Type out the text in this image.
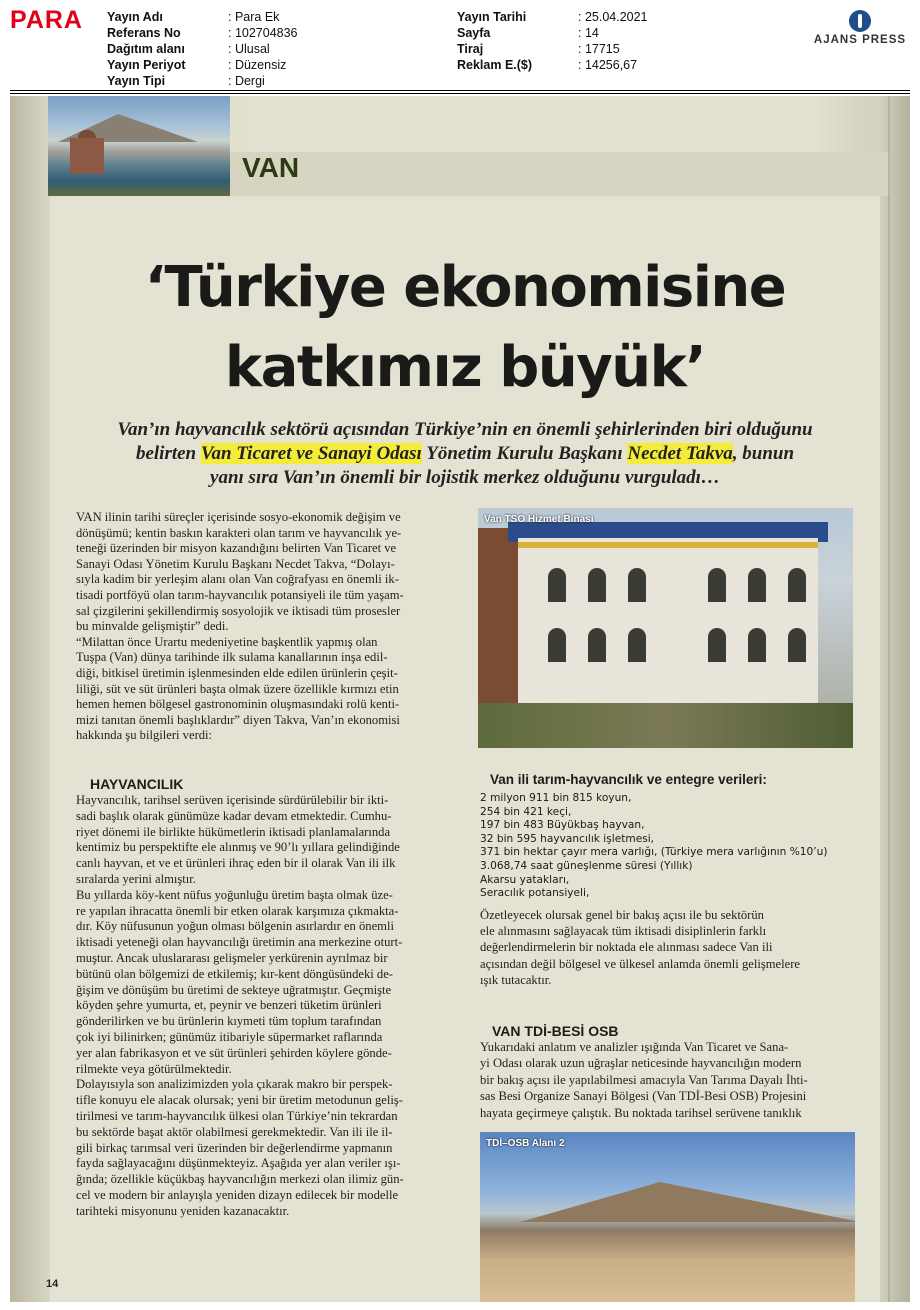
PARA Yayın Adı	: Para Ek
Referans No	: 102704836
Dağıtım alanı	: Ulusal
Yayın Periyot	: Düzensiz
Yayın Tipi	: Dergi
Yayın Tarihi	: 25.04.2021
Sayfa	: 14
Tiraj	: 17715
Reklam E.($)	: 14256,67
AJANS PRESS
VAN
‘Türkiye ekonomisine
katkımız büyük’
Van’ın hayvancılık sektörü açısından Türkiye’nin en önemli şehirlerinden biri olduğunu
belirten Van Ticaret ve Sanayi Odası Yönetim Kurulu Başkanı Necdet Takva, bunun
yanı sıra Van’ın önemli bir lojistik merkez olduğunu vurguladı…
VAN ilinin tarihi süreçler içerisinde sosyo-ekonomik değişim ve
dönüşümü; kentin baskın karakteri olan tarım ve hayvancılık ye-
teneği üzerinden bir misyon kazandığını belirten Van Ticaret ve
Sanayi Odası Yönetim Kurulu Başkanı Necdet Takva, “Dolayı-
sıyla kadim bir yerleşim alanı olan Van coğrafyası en önemli ik-
tisadi portföyü olan tarım-hayvancılık potansiyeli ile tüm yaşam-
sal çizgilerini şekillendirmiş sosyolojik ve iktisadi tüm prosesler
bu minvalde gelişmiştir” dedi.
“Milattan önce Urartu medeniyetine başkentlik yapmış olan
Tuşpa (Van) dünya tarihinde ilk sulama kanallarının inşa edil-
diği, bitkisel üretimin işlenmesinden elde edilen ürünlerin çeşit-
liliği, süt ve süt ürünleri başta olmak üzere özellikle kırmızı etin
hemen hemen bölgesel gastronominin oluşmasındaki rolü kenti-
mizi tanıtan önemli başlıklardır” diyen Takva, Van’ın ekonomisi
hakkında şu bilgileri verdi:
HAYVANCILIK
Hayvancılık, tarihsel serüven içerisinde sürdürülebilir bir ikti-
sadi başlık olarak günümüze kadar devam etmektedir. Cumhu-
riyet dönemi ile birlikte hükümetlerin iktisadi planlamalarında
kentimiz bu perspektifte ele alınmış ve 90’lı yıllara gelindiğinde
canlı hayvan, et ve et ürünleri ihraç eden bir il olarak Van ili ilk
sıralarda yerini almıştır.
Bu yıllarda köy-kent nüfus yoğunluğu üretim başta olmak üze-
re yapılan ihracatta önemli bir etken olarak karşımıza çıkmakta-
dır. Köy nüfusunun yoğun olması bölgenin asırlardır en önemli
iktisadi yeteneği olan hayvancılığı üretimin ana merkezine oturt-
muştur. Ancak uluslararası gelişmeler yerkürenin ayrılmaz bir
bütünü olan bölgemizi de etkilemiş; kır-kent döngüsündeki de-
ğişim ve dönüşüm bu üretimi de sekteye uğratmıştır. Geçmişte
köyden şehre yumurta, et, peynir ve benzeri tüketim ürünleri
gönderilirken ve bu ürünlerin kıymeti tüm toplum tarafından
çok iyi bilinirken; günümüz itibariyle süpermarket raflarında
yer alan fabrikasyon et ve süt ürünleri şehirden köylere gönde-
rilmekte veya götürülmektedir.
Dolayısıyla son analizimizden yola çıkarak makro bir perspek-
tifle konuyu ele alacak olursak; yeni bir üretim metodunun geliş-
tirilmesi ve tarım-hayvancılık ülkesi olan Türkiye’nin tekrardan
bu sektörde başat aktör olabilmesi gerekmektedir. Van ili ile il-
gili birkaç tarımsal veri üzerinden bir değerlendirme yapmanın
fayda sağlayacağını düşünmekteyiz. Aşağıda yer alan veriler ışı-
ğında; özellikle küçükbaş hayvancılığın merkezi olan ilimiz gün-
cel ve modern bir anlayışla yeniden dizayn edilecek bir modelle
tarihteki misyonunu yeniden kazanacaktır.
Van TSO Hizmet Binası
Van ili tarım-hayvancılık ve entegre verileri:
2 milyon 911 bin 815 koyun,
254 bin 421 keçi,
197 bin 483 Büyükbaş hayvan,
32 bin 595 hayvancılık işletmesi,
371 bin hektar çayır mera varlığı, (Türkiye mera varlığının %10’u)
3.068,74 saat güneşlenme süresi (Yıllık)
Akarsu yatakları,
Seracılık potansiyeli,
Özetleyecek olursak genel bir bakış açısı ile bu sektörün
ele alınmasını sağlayacak tüm iktisadi disiplinlerin farklı
değerlendirmelerin bir noktada ele alınması sadece Van ili
açısından değil bölgesel ve ülkesel anlamda önemli gelişmelere
ışık tutacaktır.
VAN TDİ-BESİ OSB
Yukarıdaki anlatım ve analizler ışığında Van Ticaret ve Sana-
yi Odası olarak uzun uğraşlar neticesinde hayvancılığın modern
bir bakış açısı ile yapılabilmesi amacıyla Van Tarıma Dayalı İhti-
sas Besi Organize Sanayi Bölgesi (Van TDİ-Besi OSB) Projesini
hayata geçirmeye çalıştık. Bu noktada tarihsel serüvene tanıklık
TDİ–OSB Alanı 2
14
